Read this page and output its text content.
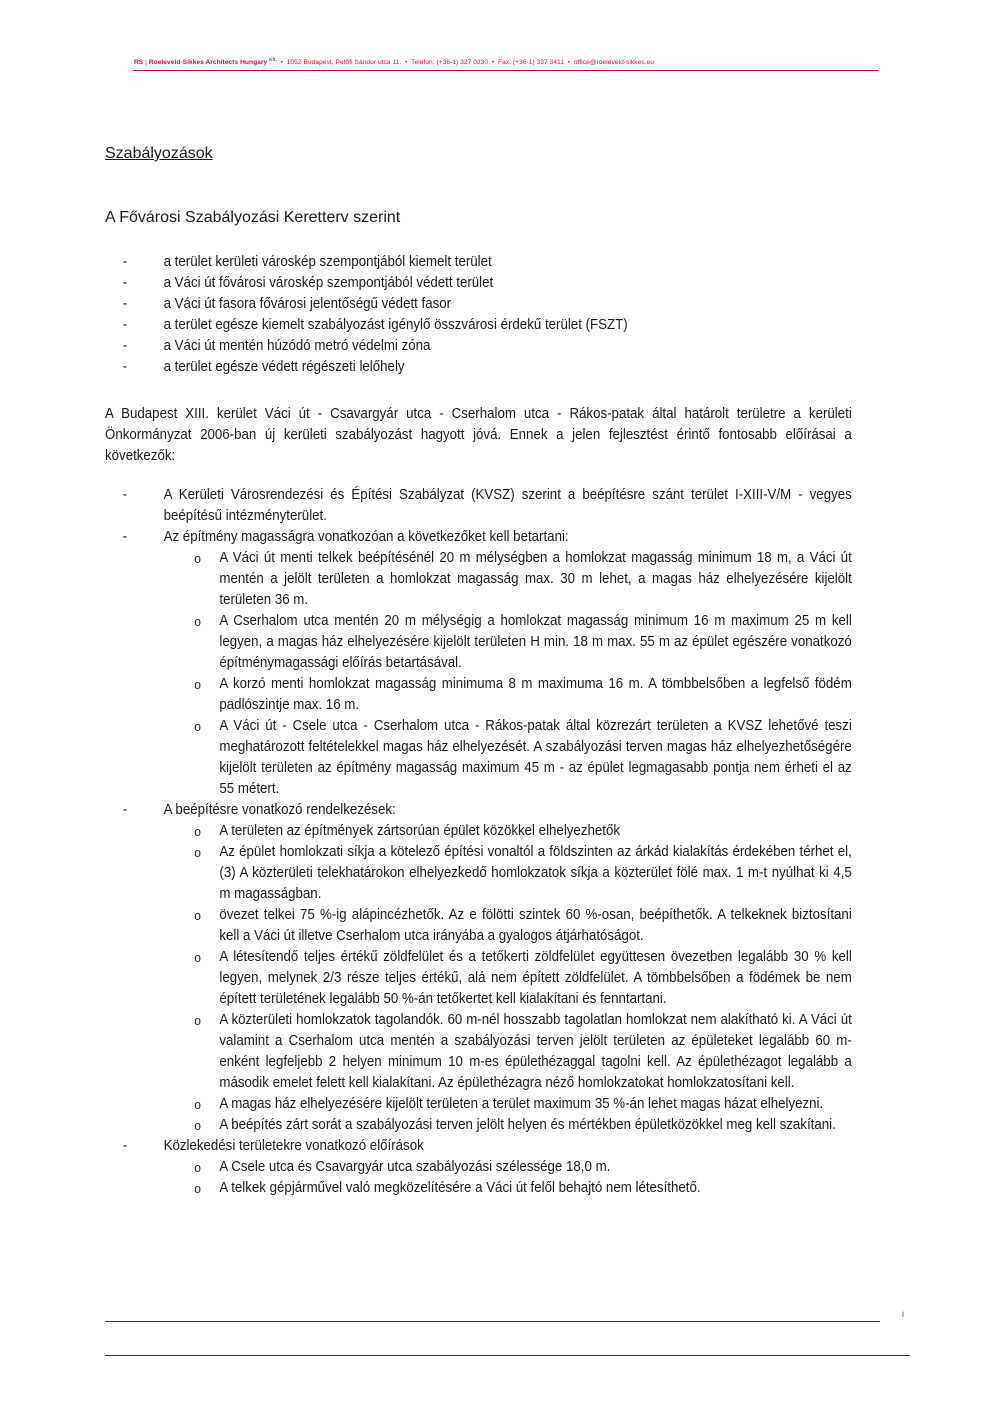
RS | Roeleveld-Sikkes Architects Hungary $^{Kft.}$  •  1052 Budapest, Petőfi Sándor utca 11.  •  Telefon: (+36-1) 327 0230  •  Fax: (+36-1) 337 3411  •  office@roeleveld-sikkes.eu
Szabályozások
A Fővárosi Szabályozási Keretterv szerint
- a terület kerületi városkép szempontjából kiemelt terület
- a Váci út fővárosi városkép szempontjából védett terület
- a Váci út fasora fővárosi jelentőségű védett fasor
- a terület egésze kiemelt szabályozást igénylő összvárosi érdekű terület (FSZT)
- a Váci út mentén húzódó metró védelmi zóna
- a terület egésze védett régészeti lelőhely

A Budapest XIII. kerület Váci út - Csavargyár utca - Cserhalom utca - Rákos-patak által határolt területre a kerületi Önkormányzat 2006-ban új kerületi szabályozást hagyott jóvá. Ennek a jelen fejlesztést érintő fontosabb előírásai a következők:

- A Kerületi Városrendezési és Építési Szabályzat (KVSZ) szerint a beépítésre szánt terület I-XIII-V/M - vegyes beépítésű intézményterület.
- Az építmény magasságra vonatkozóan a következőket kell betartani:
o A Váci út menti telkek beépítésénél 20 m mélységben a homlokzat magasság minimum 18 m, a Váci út mentén a jelölt területen a homlokzat magasság max. 30 m lehet, a magas ház elhelyezésére kijelölt területen 36 m.
o A Cserhalom utca mentén 20 m mélységig a homlokzat magasság minimum 16 m maximum 25 m kell legyen, a magas ház elhelyezésére kijelölt területen H min. 18 m max. 55 m az épület egészére vonatkozó építménymagassági előírás betartásával.
o A korzó menti homlokzat magasság minimuma 8 m maximuma 16 m. A tömbbelsőben a legfelső födém padlószintje max. 16 m.
o A Váci út - Csele utca - Cserhalom utca - Rákos-patak által közrezárt területen a KVSZ lehetővé teszi meghatározott feltételekkel magas ház elhelyezését. A szabályozási terven magas ház elhelyezhetőségére kijelölt területen az építmény magasság maximum 45 m - az épület legmagasabb pontja nem érheti el az 55 métert.
- A beépítésre vonatkozó rendelkezések:
o A területen az építmények zártsorúan épület közökkel elhelyezhetők
o Az épület homlokzati síkja a kötelező építési vonaltól a földszinten az árkád kialakítás érdekében térhet el, (3) A közterületi telekhatárokon elhelyezkedő homlokzatok síkja a közterület fölé max. 1 m-t nyúlhat ki 4,5 m magasságban.
o övezet telkei 75 %-ig alápincézhetők. Az e fölötti szintek 60 %-osan, beépíthetők. A telkeknek biztosítani kell a Váci út illetve Cserhalom utca irányába a gyalogos átjárhatóságot.
o A létesítendő teljes értékű zöldfelület és a tetőkerti zöldfelület együttesen övezetben legalább 30 % kell legyen, melynek 2/3 része teljes értékű, alá nem épített zöldfelület. A tömbbelsőben a födémek be nem épített területének legalább 50 %-án tetőkertet kell kialakítani és fenntartani.
o A közterületi homlokzatok tagolandók. 60 m-nél hosszabb tagolatlan homlokzat nem alakítható ki. A Váci út valamint a Cserhalom utca mentén a szabályozási terven jelölt területen az épületeket legalább 60 m-enként legfeljebb 2 helyen minimum 10 m-es épülethézaggal tagolni kell. Az épülethézagot legalább a második emelet felett kell kialakítani. Az épülethézagra néző homlokzatokat homlokzatosítani kell.
o A magas ház elhelyezésére kijelölt területen a terület maximum 35 %-án lehet magas házat elhelyezni.
o A beépítés zárt sorát a szabályozási terven jelölt helyen és mértékben épületközökkel meg kell szakítani.
- Közlekedési területekre vonatkozó előírások
o A Csele utca és Csavargyár utca szabályozási szélessége 18,0 m.
o A telkek gépjárművel való megközelítésére a Váci út felől behajtó nem létesíthető.
i
